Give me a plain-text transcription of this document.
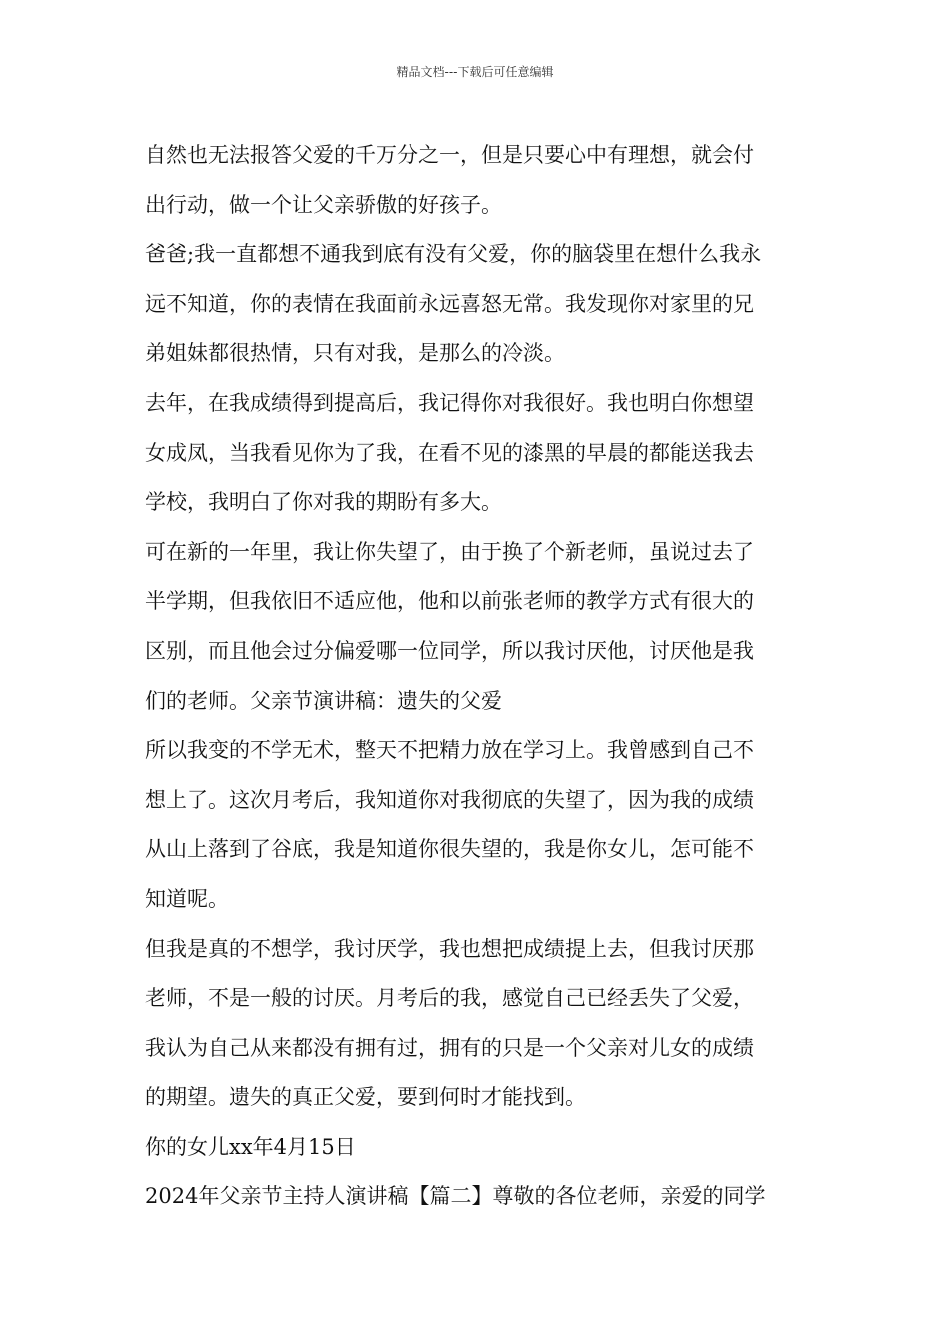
精品文档---下载后可任意编辑
自然也无法报答父爱的千万分之一，但是只要心中有理想，就会付
出行动，做一个让父亲骄傲的好孩子。
爸爸;我一直都想不通我到底有没有父爱，你的脑袋里在想什么我永
远不知道，你的表情在我面前永远喜怒无常。我发现你对家里的兄
弟姐妹都很热情，只有对我，是那么的冷淡。
去年，在我成绩得到提高后，我记得你对我很好。我也明白你想望
女成凤，当我看见你为了我，在看不见的漆黑的早晨的都能送我去
学校，我明白了你对我的期盼有多大。
可在新的一年里，我让你失望了，由于换了个新老师，虽说过去了
半学期，但我依旧不适应他，他和以前张老师的教学方式有很大的
区别，而且他会过分偏爱哪一位同学，所以我讨厌他，讨厌他是我
们的老师。父亲节演讲稿：遗失的父爱
所以我变的不学无术，整天不把精力放在学习上。我曾感到自己不
想上了。这次月考后，我知道你对我彻底的失望了，因为我的成绩
从山上落到了谷底，我是知道你很失望的，我是你女儿，怎可能不
知道呢。
但我是真的不想学，我讨厌学，我也想把成绩提上去，但我讨厌那
老师，不是一般的讨厌。月考后的我，感觉自己已经丢失了父爱，
我认为自己从来都没有拥有过，拥有的只是一个父亲对儿女的成绩
的期望。遗失的真正父爱，要到何时才能找到。
你的女儿xx年4月15日
2024年父亲节主持人演讲稿【篇二】尊敬的各位老师，亲爱的同学
